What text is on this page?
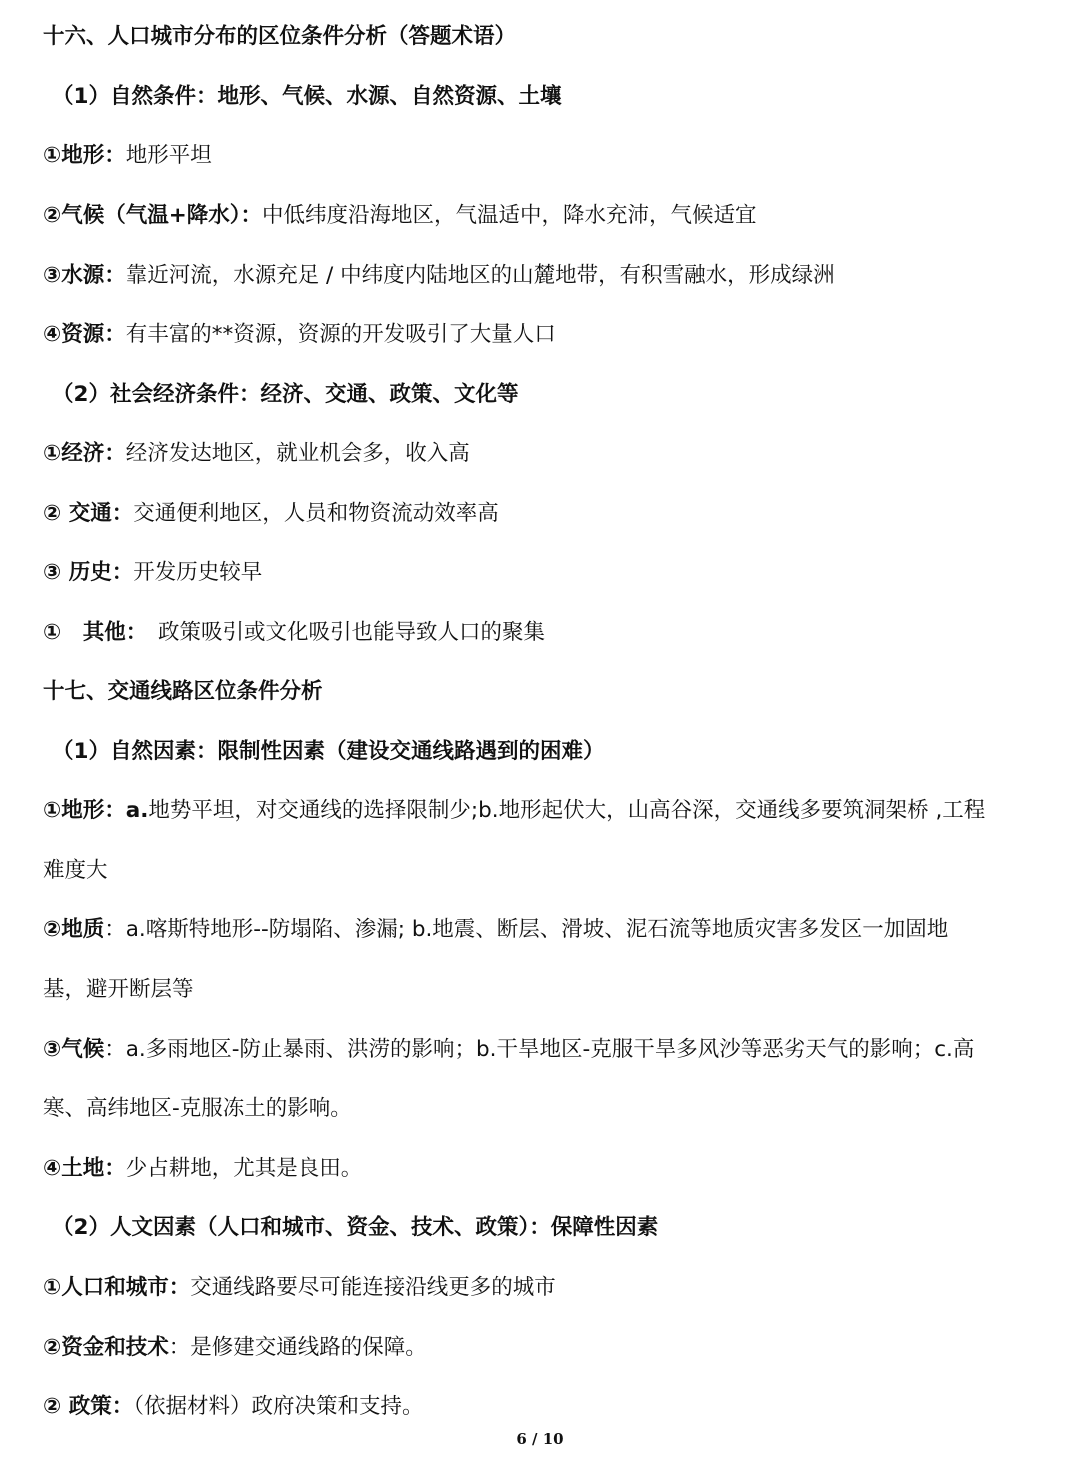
十六、人口城市分布的区位条件分析（答题术语）
（1）自然条件：地形、气候、水源、自然资源、土壤
①地形：地形平坦
②气候（气温+降水）：中低纬度沿海地区，气温适中，降水充沛，气候适宜
③水源：靠近河流，水源充足 / 中纬度内陆地区的山麓地带，有积雪融水，形成绿洲
④资源：有丰富的**资源，资源的开发吸引了大量人口
（2）社会经济条件：经济、交通、政策、文化等
①经济：经济发达地区，就业机会多，收入高
② 交通：交通便利地区，人员和物资流动效率高
③ 历史：开发历史较早
①　其他：　 政策吸引或文化吸引也能导致人口的聚集
十七、交通线路区位条件分析
（1）自然因素：限制性因素（建设交通线路遇到的困难）
①地形：a.地势平坦，对交通线的选择限制少;b.地形起伏大，山高谷深，交通线多要筑洞架桥 ,工程
难度大
②地质：a.喀斯特地形--防塌陷、渗漏; b.地震、断层、滑坡、泥石流等地质灾害多发区一加固地
基，避开断层等
③气候：a.多雨地区-防止暴雨、洪涝的影响；b.干旱地区-克服干旱多风沙等恶劣天气的影响；c.高
寒、高纬地区-克服冻土的影响。
④土地：少占耕地，尤其是良田。
（2）人文因素（人口和城市、资金、技术、政策）：保障性因素
①人口和城市：交通线路要尽可能连接沿线更多的城市
②资金和技术：是修建交通线路的保障。
② 政策：（依据材料）政府决策和支持。
6 / 10
